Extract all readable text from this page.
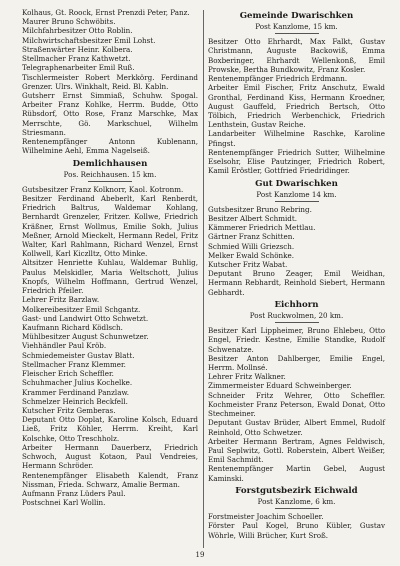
Kolhaus, Gt. Roock, Ernst Prenzdi Peter, Panz.

Maurer Bruno Schwöbits.

Milchfahrbesitzer Otto Roblin.

Milchwirtschaftsbesitzer Emil Lohst.

Straßenwärter Heinr. Kolbera.

Stellmacher Franz Kathwetzt.

Telegraphenarbeiter Emil Ruß.

Tischlermeister Robert Merkkörg. Ferdinand Grenzer. Ulrs. Winkhalt, Reid. Bl. Kabln.

Gutsherr Ernst Simmiaß, Schuhw. Spogal. Arbeiter Franz Kohlke, Herrm. Budde, Otto Rübsdorf, Otto Rose, Franz Marschke, Max Merrschte, Gö. Markschuel, Wilhelm Striesmann.

Rentenempfänger Antonn Kublenann, Wilhelmine Aehl, Emma Nagelseiß.

Demlichhausen
Pos. Reichhausen. 15 km.

Gutsbesitzer Franz Kolknorr, Kaol. Kotronm.

Besitzer Ferdinand Abeberlt, Karl Renberdt, Friedrich Baltrus, Waldemar Kohlang, Bernhardt Grenzeler, Fritzer. Kollwe, Friedrich Kräßner, Ernst Wollmus, Emilie Sokh, Julius Meßner, Arnold Mieckelt, Hermann Redel, Fritz Walter, Karl Rahlmann, Richard Wenzel, Ernst Kollwell, Karl Kiczlltz, Otto Minke.

Altsitzer Henriette Kuhlau, Waldemar Buhlig, Paulus Melskidler, Maria Weltschott, Julius Knopfs, Wilhelm Hoffmann, Gertrud Wenzel, Friedrich Pfeiler.

Lehrer Fritz Barzlaw.

Molkereibesitzer Emil Schgantz.

Gast- und Landwirt Otto Schwetzt.

Kaufmann Richard Ködlsch.

Mühlbesitzer August Schunwetzer.

Viehhändler Paul Kröb.

Schmiedemeister Gustav Blatt.

Stellmacher Franz Klemmer.

Fleischer Erich Scheffler.

Schuhmacher Julius Kochelke.

Krammer Ferdinand Panzlaw.

Schmelzer Heinrich Beckfell.

Kutscher Fritz Gemberas.

Deputant Otto Doplat, Karoline Kolsch, Eduard Ließ, Fritz Köhler, Herrm. Kreiht, Karl Kolschke, Otto Treschholz.

Arbeiter Hermann Dauerberz, Friedrich Schwoch, August Kotaon, Paul Vendreies, Hermann Schröder.

Rentenempfänger Elisabeth Kalendt, Franz Nissman, Frieda. Schwarz, Amalie Berman.

Aufmann Franz Lüders Paul.

Postschnei Karl Wollin.

Gemeinde Dwarischken
Post Kanzlome, 15 km.

Besitzer Otto Ehrhardt, Max Falkt, Gustav Christmann, Auguste Backowiß, Emma Boxberinger, Ehrhardt Wellenkonß, Emil Prowske, Bertha Bundkowitz, Franz Kosler.

Rentenempfänger Friedrich Erdmann.

Arbeiter Emil Fischer, Fritz Anschutz, Ewald Gronthal, Ferdinand Kiss, Hermann Kroedner, August Gauffeld, Friedrich Bertsch, Otto Tölbich, Friedrich Werbenchick, Friedrich Lenthstein, Gustav Reiche.

Landarbeiter Wilhelmine Raschke, Karoline Pfingst.

Rentenempfänger Friedrich Sutter, Wilhelmine Eselsohr, Elise Pautzinger, Friedrich Robert, Kamil Eröstler, Gottfried Friedridinger.

Gut Dwarischken
Post Kanzlome 14 km.

Gutsbesitzer Bruno Rebring.

Besitzer Albert Schmidt.

Kämmerer Friedrich Mettlau.

Gärtner Franz Schitten.

Schmied Willi Griezsch.

Melker Ewald Schönke.

Kutscher Fritz Wabat.

Deputant Bruno Zeager, Emil Weidhan, Hermann Rebhardt, Reinhold Siebert, Hermann Gebhardt.

Eichhorn
Post Ruckwolmen, 20 km.

Besitzer Karl Lippheimer, Bruno Ehlebeu, Otto Engel, Friedr. Kestne, Emilie Standke, Rudolf Schwenatze.

Besitzer Anton Dahlberger, Emilie Engel, Herrm. Mollnsé.

Lehrer Fritz Walkner.

Zimmermeister Eduard Schweinberger.

Schneider Fritz Wehrer, Otto Scheffler. Kochmeister Franz Peterson, Ewald Donat, Otto Stechmeiner.

Deputant Gustav Brüder, Albert Emmel, Rudolf Reinhold, Otto Schwetzer.

Arbeiter Hermann Bertram, Agnes Feldwisch, Paul Seplwitz, Gottl. Roberstein, Albert Weißer, Emil Sachmidt.

Rentenempfänger Martin Gebel, August Kaminski.

Forstgutsbezirk Eichwald
Post Kanzlome, 6 km.

Forstmeister Joachim Schoeller.

Förster Paul Kogel, Bruno Kübler, Gustav Wöhrle, Willi Brücher, Kurt Sroß.

19
